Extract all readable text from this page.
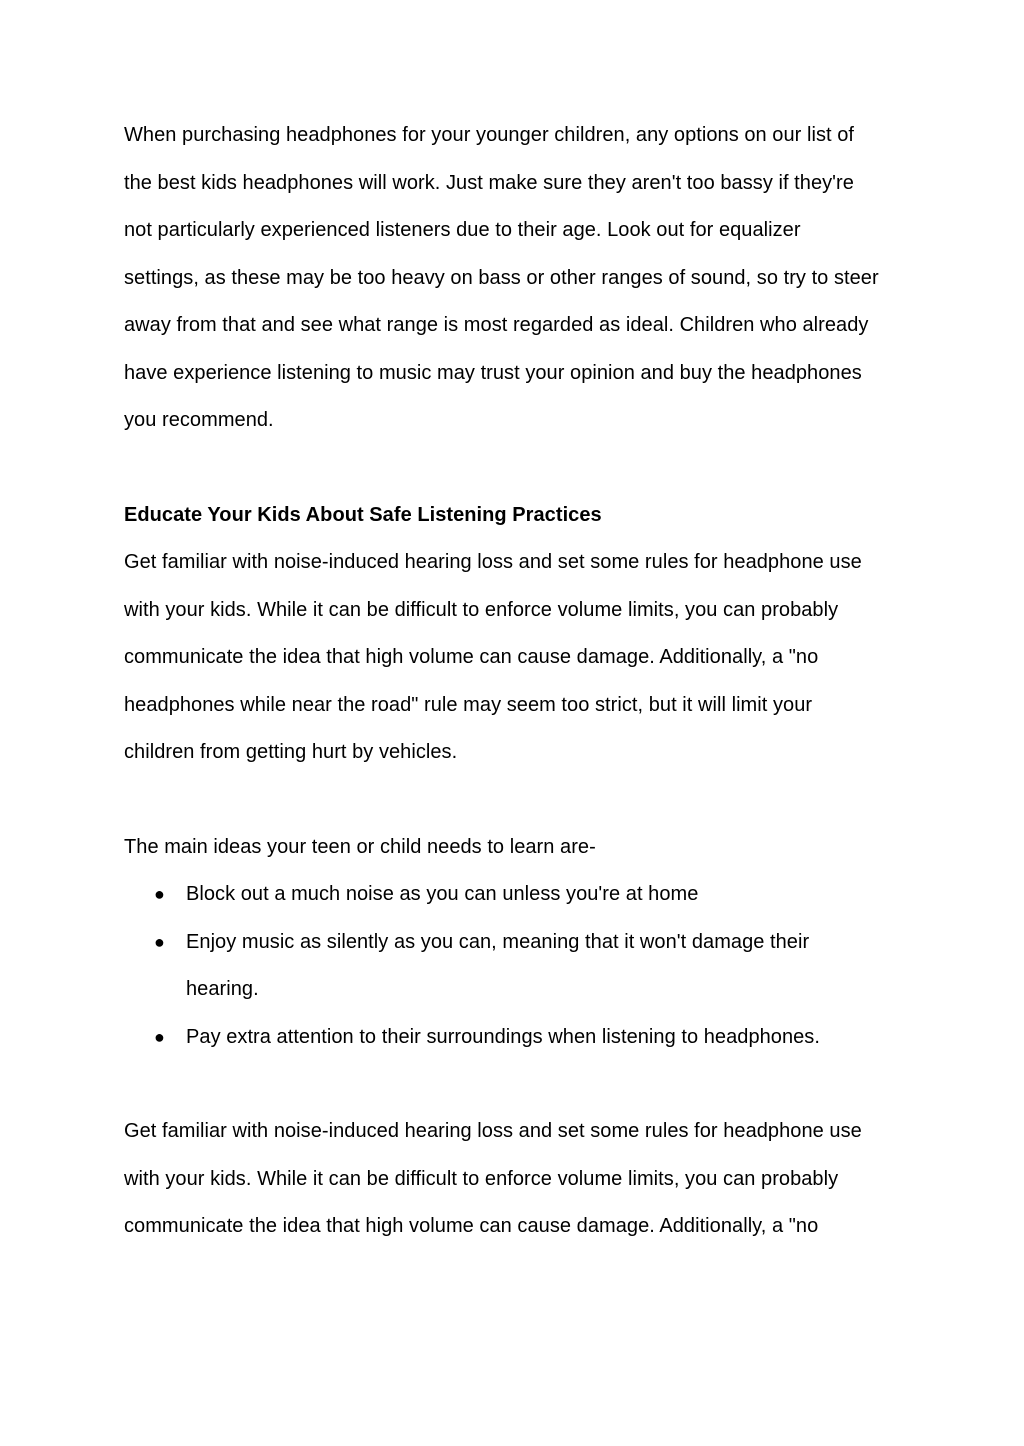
When purchasing headphones for your younger children, any options on our list of
the best kids headphones will work. Just make sure they aren't too bassy if they're
not particularly experienced listeners due to their age. Look out for equalizer
settings, as these may be too heavy on bass or other ranges of sound, so try to steer
away from that and see what range is most regarded as ideal. Children who already
have experience listening to music may trust your opinion and buy the headphones
you recommend.
Educate Your Kids About Safe Listening Practices
Get familiar with noise-induced hearing loss and set some rules for headphone use
with your kids. While it can be difficult to enforce volume limits, you can probably
communicate the idea that high volume can cause damage. Additionally, a "no
headphones while near the road" rule may seem too strict, but it will limit your
children from getting hurt by vehicles.
The main ideas your teen or child needs to learn are-
● Block out a much noise as you can unless you're at home
● Enjoy music as silently as you can, meaning that it won't damage their
hearing.
● Pay extra attention to their surroundings when listening to headphones.
Get familiar with noise-induced hearing loss and set some rules for headphone use
with your kids. While it can be difficult to enforce volume limits, you can probably
communicate the idea that high volume can cause damage. Additionally, a "no
